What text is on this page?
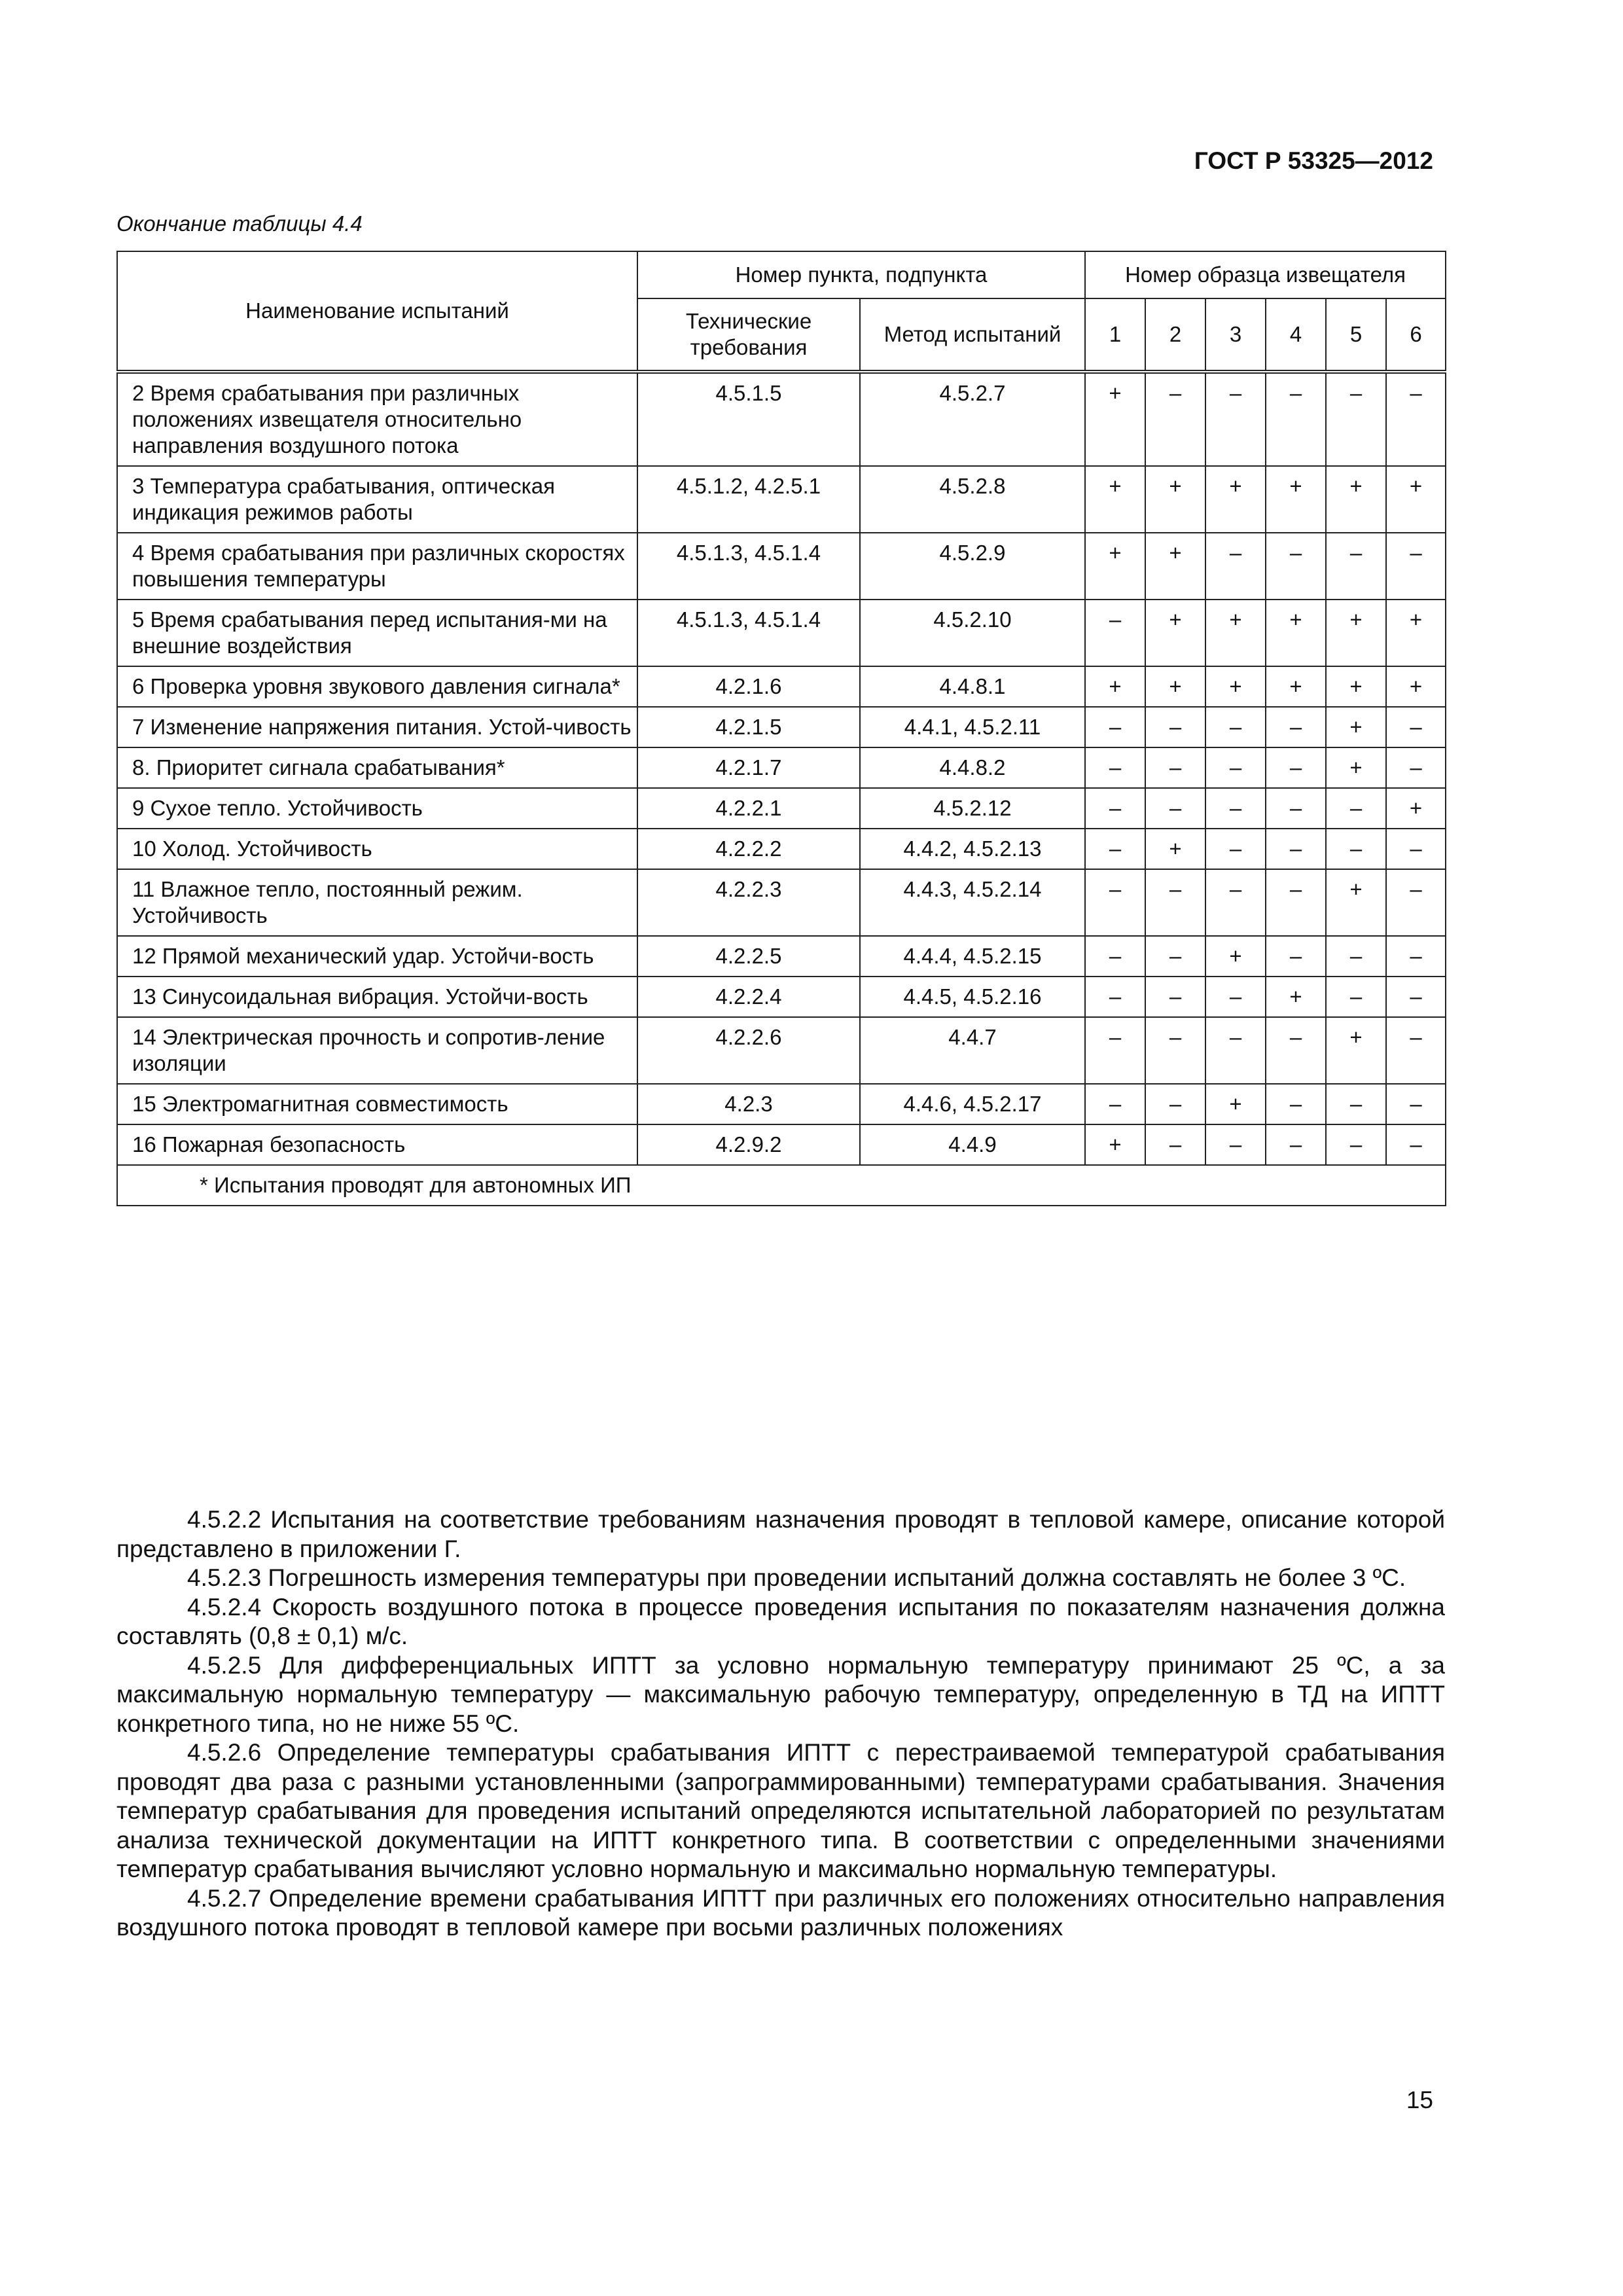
ГОСТ Р 53325—2012
Окончание таблицы 4.4
Наименование испытаний	Номер пункта, подпункта		Номер образца извещателя					
	Технические требования	Метод испытаний	1	2	3	4	5	6
2 Время срабатывания при различных положениях извещателя относительно направления воздушного потока	4.5.1.5	4.5.2.7	+	–	–	–	–	–
3 Температура срабатывания, оптическая индикация режимов работы	4.5.1.2, 4.2.5.1	4.5.2.8	+	+	+	+	+	+
4 Время срабатывания при различных скоростях повышения температуры	4.5.1.3, 4.5.1.4	4.5.2.9	+	+	–	–	–	–
5 Время срабатывания перед испытания-ми на внешние воздействия	4.5.1.3, 4.5.1.4	4.5.2.10	–	+	+	+	+	+
6 Проверка уровня звукового давления сигнала*	4.2.1.6	4.4.8.1	+	+	+	+	+	+
7 Изменение напряжения питания. Устой-чивость	4.2.1.5	4.4.1, 4.5.2.11	–	–	–	–	+	–
8. Приоритет сигнала срабатывания*	4.2.1.7	4.4.8.2	–	–	–	–	+	–
9 Сухое тепло. Устойчивость	4.2.2.1	4.5.2.12	–	–	–	–	–	+
10 Холод. Устойчивость	4.2.2.2	4.4.2, 4.5.2.13	–	+	–	–	–	–
11 Влажное тепло, постоянный режим. Устойчивость	4.2.2.3	4.4.3, 4.5.2.14	–	–	–	–	+	–
12 Прямой механический удар. Устойчи-вость	4.2.2.5	4.4.4, 4.5.2.15	–	–	+	–	–	–
13 Синусоидальная вибрация. Устойчи-вость	4.2.2.4	4.4.5, 4.5.2.16	–	–	–	+	–	–
14 Электрическая прочность и сопротив-ление изоляции	4.2.2.6	4.4.7	–	–	–	–	+	–
15 Электромагнитная совместимость	4.2.3	4.4.6, 4.5.2.17	–	–	+	–	–	–
16 Пожарная безопасность	4.2.9.2	4.4.9	+	–	–	–	–	–
* Испытания проводят для автономных ИП								

4.5.2.2 Испытания на соответствие требованиям назначения проводят в тепловой камере, описание которой представлено в приложении Г.

4.5.2.3 Погрешность измерения температуры при проведении испытаний должна составлять не более 3 ºС.

4.5.2.4 Скорость воздушного потока в процессе проведения испытания по показателям назначения должна составлять (0,8 ± 0,1) м/с.

4.5.2.5 Для дифференциальных ИПТТ за условно нормальную температуру принимают 25 ºС, а за максимальную нормальную температуру — максимальную рабочую температуру, определенную в ТД на ИПТТ конкретного типа, но не ниже 55 ºС.

4.5.2.6 Определение температуры срабатывания ИПТТ с перестраиваемой температурой срабатывания проводят два раза с разными установленными (запрограммированными) температурами срабатывания. Значения температур срабатывания для проведения испытаний определяются испытательной лабораторией по результатам анализа технической документации на ИПТТ конкретного типа. В соответствии с определенными значениями температур срабатывания вычисляют условно нормальную и максимально нормальную температуры.

4.5.2.7 Определение времени срабатывания ИПТТ при различных его положениях относительно направления воздушного потока проводят в тепловой камере при восьми различных положениях

15
